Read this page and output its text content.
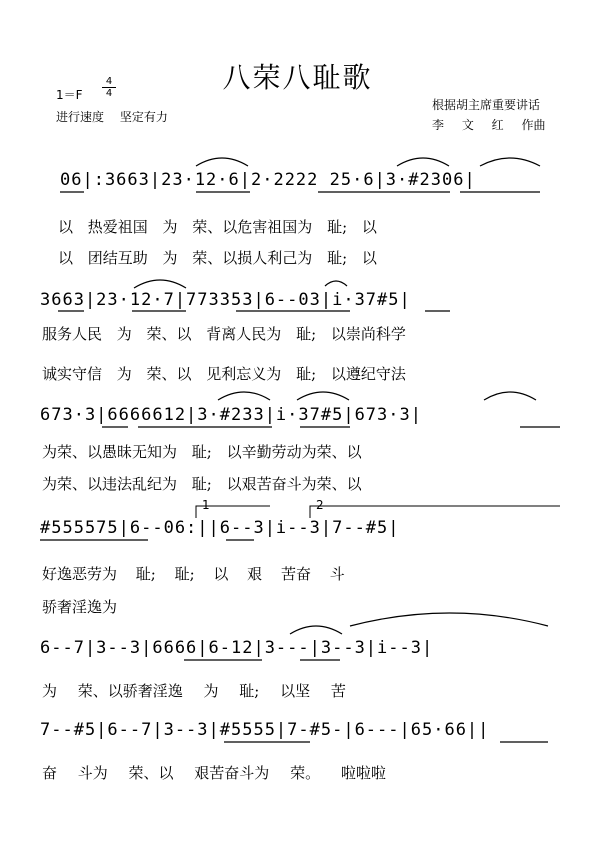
八荣八耻歌
1＝F
4
4
进行速度 坚定有力
根据胡主席重要讲话
李 文 红 作曲
06|:3663|23·12·6|2·2222 25·6|3·#2306|
以 热爱祖国 为 荣、以危害祖国为 耻; 以
以 团结互助 为 荣、以损人利己为 耻; 以
3663|23·12·7|773353|6--03|i·37#5|
服务人民 为 荣、以 背离人民为 耻; 以崇尚科学
诚实守信 为 荣、以 见利忘义为 耻; 以遵纪守法
673·3|6666612|3·#233|i·37#5|673·3|
为荣、以愚昧无知为 耻; 以辛勤劳动为荣、以
为荣、以违法乱纪为 耻; 以艰苦奋斗为荣、以
#555575|6--06:||6--3|i--3|7--#5|
1	2
好逸恶劳为 耻; 耻; 以 艰 苦奋 斗
骄奢淫逸为
6--7|3--3|6666|6-12|3---|3--3|i--3|
为 荣、以骄奢淫逸 为 耻; 以坚 苦
7--#5|6--7|3--3|#5555|7-#5-|6---|65·66||
奋 斗为 荣、以 艰苦奋斗为 荣。 啦啦啦
